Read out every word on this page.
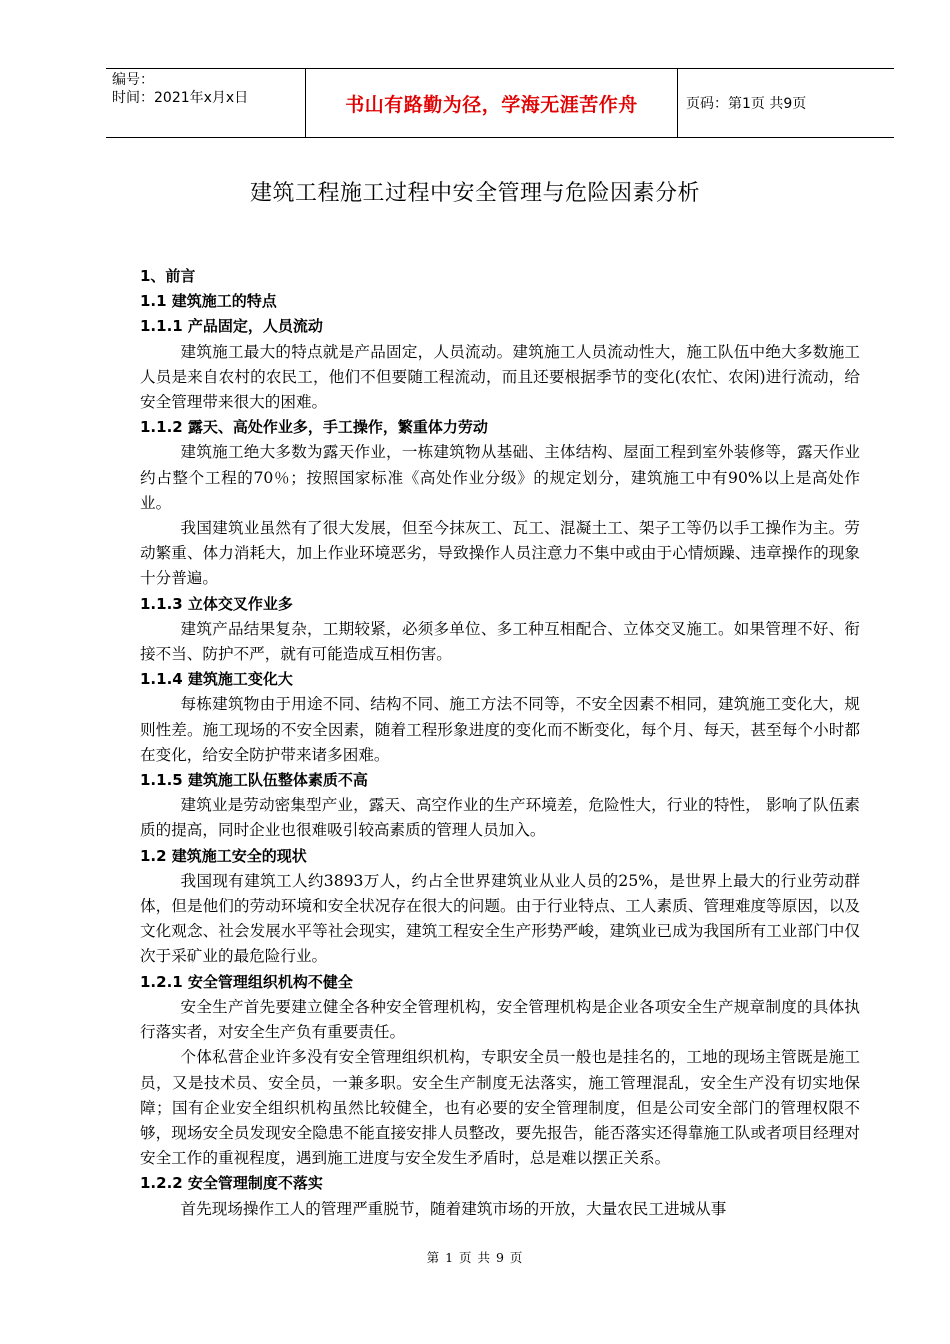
编号：
时间：2021年x月x日	书山有路勤为径，学海无涯苦作舟	页码：第1页 共9页
建筑工程施工过程中安全管理与危险因素分析
1、前言
1.1 建筑施工的特点
1.1.1 产品固定，人员流动

建筑施工最大的特点就是产品固定，人员流动。建筑施工人员流动性大，施工队伍中绝大多数施工人员是来自农村的农民工，他们不但要随工程流动，而且还要根据季节的变化(农忙、农闲)进行流动，给安全管理带来很大的困难。

1.1.2 露天、高处作业多，手工操作，繁重体力劳动

建筑施工绝大多数为露天作业，一栋建筑物从基础、主体结构、屋面工程到室外装修等，露天作业约占整个工程的70％；按照国家标准《高处作业分级》的规定划分，建筑施工中有90%以上是高处作业。

我国建筑业虽然有了很大发展，但至今抹灰工、瓦工、混凝土工、架子工等仍以手工操作为主。劳动繁重、体力消耗大，加上作业环境恶劣，导致操作人员注意力不集中或由于心情烦躁、违章操作的现象十分普遍。

1.1.3 立体交叉作业多

建筑产品结果复杂，工期较紧，必须多单位、多工种互相配合、立体交叉施工。如果管理不好、衔接不当、防护不严，就有可能造成互相伤害。

1.1.4 建筑施工变化大

每栋建筑物由于用途不同、结构不同、施工方法不同等，不安全因素不相同，建筑施工变化大，规则性差。施工现场的不安全因素，随着工程形象进度的变化而不断变化，每个月、每天，甚至每个小时都在变化，给安全防护带来诸多困难。

1.1.5 建筑施工队伍整体素质不高

建筑业是劳动密集型产业，露天、高空作业的生产环境差，危险性大，行业的特性， 影响了队伍素质的提高，同时企业也很难吸引较高素质的管理人员加入。

1.2 建筑施工安全的现状

我国现有建筑工人约3893万人，约占全世界建筑业从业人员的25%，是世界上最大的行业劳动群体，但是他们的劳动环境和安全状况存在很大的问题。由于行业特点、工人素质、管理难度等原因，以及文化观念、社会发展水平等社会现实，建筑工程安全生产形势严峻，建筑业已成为我国所有工业部门中仅次于采矿业的最危险行业。

1.2.1 安全管理组织机构不健全

安全生产首先要建立健全各种安全管理机构，安全管理机构是企业各项安全生产规章制度的具体执行落实者，对安全生产负有重要责任。

个体私营企业许多没有安全管理组织机构，专职安全员一般也是挂名的，工地的现场主管既是施工员，又是技术员、安全员，一兼多职。安全生产制度无法落实，施工管理混乱，安全生产没有切实地保障；国有企业安全组织机构虽然比较健全，也有必要的安全管理制度，但是公司安全部门的管理权限不够，现场安全员发现安全隐患不能直接安排人员整改，要先报告，能否落实还得靠施工队或者项目经理对安全工作的重视程度，遇到施工进度与安全发生矛盾时，总是难以摆正关系。

1.2.2 安全管理制度不落实

首先现场操作工人的管理严重脱节，随着建筑市场的开放，大量农民工进城从事

第 1 页 共 9 页
